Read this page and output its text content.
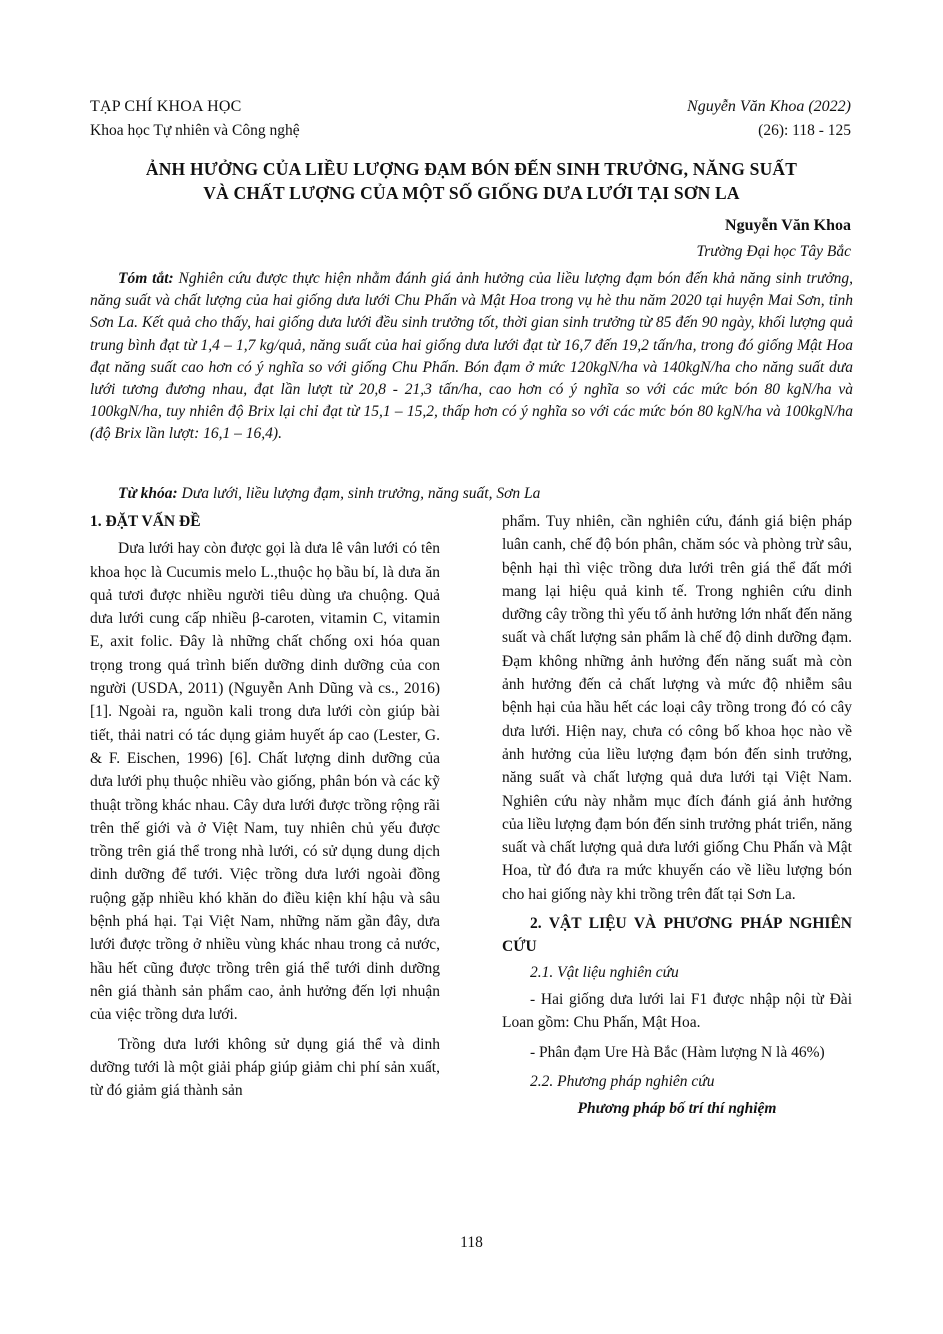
TẠP CHÍ KHOA HỌC
Khoa học Tự nhiên và Công nghệ
Nguyễn Văn Khoa (2022)
(26): 118 - 125
ẢNH HƯỞNG CỦA LIỀU LƯỢNG ĐẠM BÓN ĐẾN SINH TRƯỞNG, NĂNG SUẤT
VÀ CHẤT LƯỢNG CỦA MỘT SỐ GIỐNG DƯA LƯỚI TẠI SƠN LA
Nguyễn Văn Khoa
Trường Đại học Tây Bắc
Tóm tắt: Nghiên cứu được thực hiện nhằm đánh giá ảnh hưởng của liều lượng đạm bón đến khả năng sinh trưởng, năng suất và chất lượng của hai giống dưa lưới Chu Phấn và Mật Hoa trong vụ hè thu năm 2020 tại huyện Mai Sơn, tỉnh Sơn La. Kết quả cho thấy, hai giống dưa lưới đều sinh trưởng tốt, thời gian sinh trưởng từ 85 đến 90 ngày, khối lượng quả trung bình đạt từ 1,4 – 1,7 kg/quả, năng suất của hai giống dưa lưới đạt từ 16,7 đến 19,2 tấn/ha, trong đó giống Mật Hoa đạt năng suất cao hơn có ý nghĩa so với giống Chu Phấn. Bón đạm ở mức 120kgN/ha và 140kgN/ha cho năng suất dưa lưới tương đương nhau, đạt lần lượt từ 20,8 - 21,3 tấn/ha, cao hơn có ý nghĩa so với các mức bón 80 kgN/ha và 100kgN/ha, tuy nhiên độ Brix lại chỉ đạt từ 15,1 – 15,2, thấp hơn có ý nghĩa so với các mức bón 80 kgN/ha và 100kgN/ha (độ Brix lần lượt: 16,1 – 16,4).
Từ khóa: Dưa lưới, liều lượng đạm, sinh trưởng, năng suất, Sơn La
1. ĐẶT VẤN ĐỀ

Dưa lưới hay còn được gọi là dưa lê vân lưới có tên khoa học là Cucumis melo L.,thuộc họ bầu bí, là dưa ăn quả tươi được nhiều người tiêu dùng ưa chuộng. Quả dưa lưới cung cấp nhiều β-caroten, vitamin C, vitamin E, axit folic. Đây là những chất chống oxi hóa quan trọng trong quá trình biến dưỡng dinh dưỡng của con người (USDA, 2011) (Nguyễn Anh Dũng và cs., 2016) [1]. Ngoài ra, nguồn kali trong dưa lưới còn giúp bài tiết, thải natri có tác dụng giảm huyết áp cao (Lester, G. & F. Eischen, 1996) [6]. Chất lượng dinh dưỡng của dưa lưới phụ thuộc nhiều vào giống, phân bón và các kỹ thuật trồng khác nhau. Cây dưa lưới được trồng rộng rãi trên thế giới và ở Việt Nam, tuy nhiên chủ yếu được trồng trên giá thể trong nhà lưới, có sử dụng dung dịch dinh dưỡng để tưới. Việc trồng dưa lưới ngoài đồng ruộng gặp nhiều khó khăn do điều kiện khí hậu và sâu bệnh phá hại. Tại Việt Nam, những năm gần đây, dưa lưới được trồng ở nhiều vùng khác nhau trong cả nước, hầu hết cũng được trồng trên giá thể tưới dinh dưỡng nên giá thành sản phẩm cao, ảnh hưởng đến lợi nhuận của việc trồng dưa lưới.

Trồng dưa lưới không sử dụng giá thể và dinh dưỡng tưới là một giải pháp giúp giảm chi phí sản xuất, từ đó giảm giá thành sản

phẩm. Tuy nhiên, cần nghiên cứu, đánh giá biện pháp luân canh, chế độ bón phân, chăm sóc và phòng trừ sâu, bệnh hại thì việc trồng dưa lưới trên giá thể đất mới mang lại hiệu quả kinh tế. Trong nghiên cứu dinh dưỡng cây trồng thì yếu tố ảnh hưởng lớn nhất đến năng suất và chất lượng sản phẩm là chế độ dinh dưỡng đạm. Đạm không những ảnh hưởng đến năng suất mà còn ảnh hưởng đến cả chất lượng và mức độ nhiễm sâu bệnh hại của hầu hết các loại cây trồng trong đó có cây dưa lưới. Hiện nay, chưa có công bố khoa học nào về ảnh hưởng của liều lượng đạm bón đến sinh trưởng, năng suất và chất lượng quả dưa lưới tại Việt Nam. Nghiên cứu này nhằm mục đích đánh giá ảnh hưởng của liều lượng đạm bón đến sinh trưởng phát triển, năng suất và chất lượng quả dưa lưới giống Chu Phấn và Mật Hoa, từ đó đưa ra mức khuyến cáo về liều lượng bón cho hai giống này khi trồng trên đất tại Sơn La.

2. VẬT LIỆU VÀ PHƯƠNG PHÁP NGHIÊN CỨU
2.1. Vật liệu nghiên cứu

- Hai giống dưa lưới lai F1 được nhập nội từ Đài Loan gồm: Chu Phấn, Mật Hoa.

- Phân đạm Ure Hà Bắc (Hàm lượng N là 46%)

2.2. Phương pháp nghiên cứu
Phương pháp bố trí thí nghiệm
118
